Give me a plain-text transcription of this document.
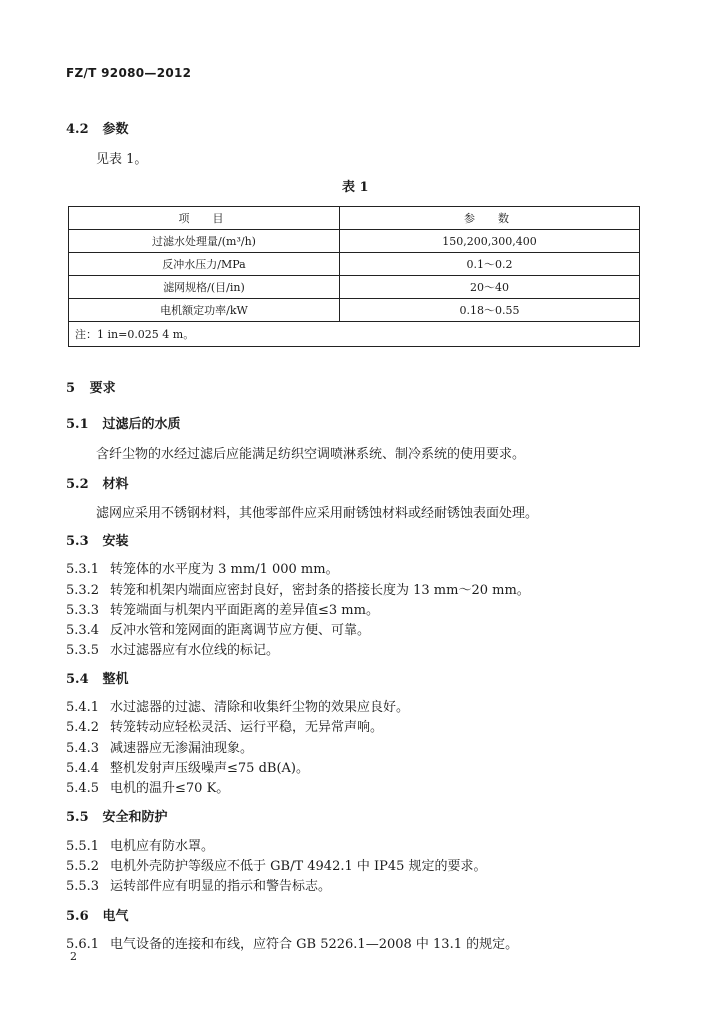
FZ/T 92080—2012
4.2 参数
见表 1。
表 1
项　目	参　数
过滤水处理量/(m³/h)	150,200,300,400
反冲水压力/MPa	0.1～0.2
滤网规格/(目/in)	20～40
电机额定功率/kW	0.18～0.55
注：1 in=0.025 4 m。	
5 要求
5.1 过滤后的水质
含纤尘物的水经过滤后应能满足纺织空调喷淋系统、制冷系统的使用要求。
5.2 材料
滤网应采用不锈钢材料，其他零部件应采用耐锈蚀材料或经耐锈蚀表面处理。
5.3 安装
5.3.1 转笼体的水平度为 3 mm/1 000 mm。
5.3.2 转笼和机架内端面应密封良好，密封条的搭接长度为 13 mm～20 mm。
5.3.3 转笼端面与机架内平面距离的差异值≤3 mm。
5.3.4 反冲水管和笼网面的距离调节应方便、可靠。
5.3.5 水过滤器应有水位线的标记。
5.4 整机
5.4.1 水过滤器的过滤、清除和收集纤尘物的效果应良好。
5.4.2 转笼转动应轻松灵活、运行平稳，无异常声响。
5.4.3 减速器应无渗漏油现象。
5.4.4 整机发射声压级噪声≤75 dB(A)。
5.4.5 电机的温升≤70 K。
5.5 安全和防护
5.5.1 电机应有防水罩。
5.5.2 电机外壳防护等级应不低于 GB/T 4942.1 中 IP45 规定的要求。
5.5.3 运转部件应有明显的指示和警告标志。
5.6 电气
5.6.1 电气设备的连接和布线，应符合 GB 5226.1—2008 中 13.1 的规定。
2
